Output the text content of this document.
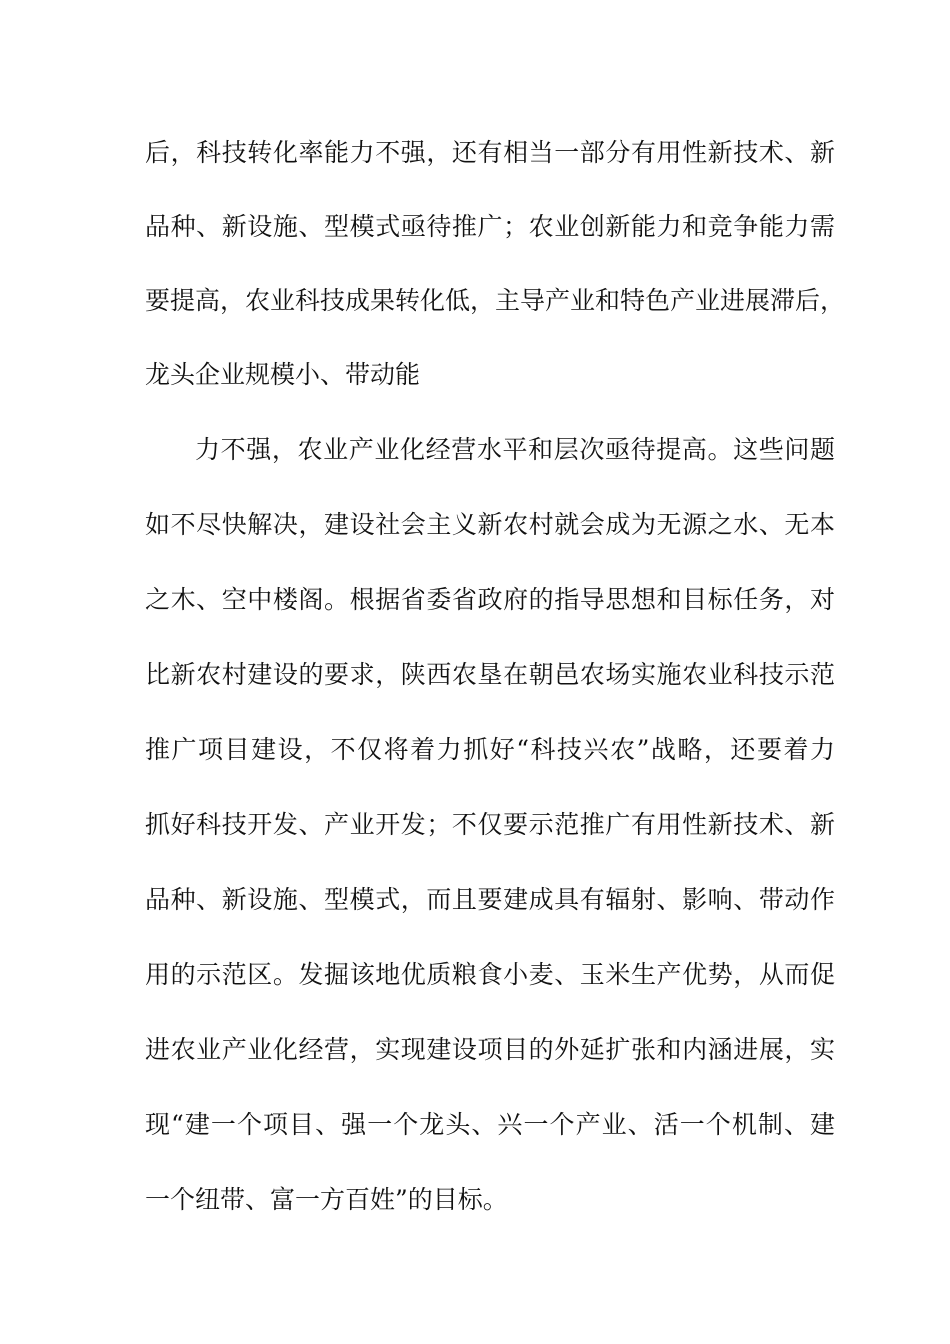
后，科技转化率能力不强，还有相当一部分有用性新技术、新
品种、新设施、型模式亟待推广；农业创新能力和竞争能力需
要提高，农业科技成果转化低，主导产业和特色产业进展滞后，
龙头企业规模小、带动能
力不强，农业产业化经营水平和层次亟待提高。这些问题
如不尽快解决，建设社会主义新农村就会成为无源之水、无本
之木、空中楼阁。根据省委省政府的指导思想和目标任务，对
比新农村建设的要求，陕西农垦在朝邑农场实施农业科技示范
推广项目建设，不仅将着力抓好“科技兴农”战略，还要着力
抓好科技开发、产业开发；不仅要示范推广有用性新技术、新
品种、新设施、型模式，而且要建成具有辐射、影响、带动作
用的示范区。发掘该地优质粮食小麦、玉米生产优势，从而促
进农业产业化经营，实现建设项目的外延扩张和内涵进展，实
现“建一个项目、强一个龙头、兴一个产业、活一个机制、建
一个纽带、富一方百姓”的目标。
